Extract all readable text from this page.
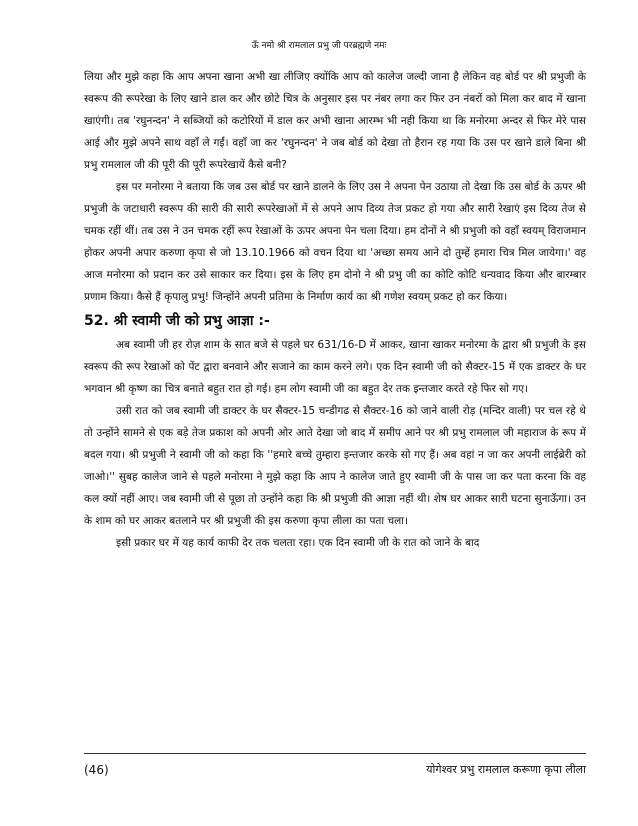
ऊँ नमो श्री रामलाल प्रभु जी परब्रह्मणे नमः

लिया और मुझे कहा कि आप अपना खाना अभी खा लीजिए क्योंकि आप को कालेज जल्दी जाना है लेकिन वह बोर्ड पर श्री प्रभुजी के स्वरूप की रूपरेखा के लिए खाने डाल कर और छोटे चित्र के अनुसार इस पर नंबर लगा कर फिर उन नंबरों को मिला कर बाद में खाना खाएंगी। तब 'रघुनन्दन' ने सब्जियों को कटोरियों में डाल कर अभी खाना आरम्भ भी नही किया था कि मनोरमा अन्दर से फिर मेरे पास आई और मुझे अपने साथ वहाँ ले गईं। वहाँ जा कर 'रघुनन्दन' ने जब बोर्ड को देखा तो हैरान रह गया कि उस पर खाने डाले बिना श्री प्रभु रामलाल जी की पूरी की पूरी रूपरेखायें कैसे बनी?

इस पर मनोरमा ने बताया कि जब उस बोर्ड पर खाने डालने के लिए उस ने अपना पेन उठाया तो देखा कि उस बोर्ड के ऊपर श्री प्रभुजी के जटाधारी स्वरूप की सारी की सारी रूपरेखाओं में से अपने आप दिव्य तेज प्रकट हो गया और सारी रेखाएं इस दिव्य तेज से चमक रहीं थीं। तब उस ने उन चमक रहीं रूप रेखाओं के ऊपर अपना पेन चला दिया। हम दोनों ने श्री प्रभुजी को वहाँ स्वयम् विराजमान होकर अपनी अपार करुणा कृपा से जो 13.10.1966 को वचन दिया था 'अच्छा समय आने दो तुम्हें हमारा चित्र मिल जायेगा।' वह आज मनोरमा को प्रदान कर उसे साकार कर दिया। इस के लिए हम दोनो ने श्री प्रभु जी का कोटि कोटि धन्यवाद किया और बारम्बार प्रणाम किया। कैसे हैं कृपालु प्रभु! जिन्होंने अपनी प्रतिमा के निर्माण कार्य का श्री गणेश स्वयम् प्रकट हो कर किया।

52. श्री स्वामी जी को प्रभु आज्ञा :-

अब स्वामी जी हर रोज़ शाम के सात बजे से पहले घर 631/16-D में आकर, खाना खाकर मनोरमा के द्वारा श्री प्रभुजी के इस स्वरूप की रूप रेखाओं को पेंट द्वारा बनवाने और सजाने का काम करने लगे। एक दिन स्वामी जी को सैक्टर-15 में एक डाक्टर के घर भगवान श्री कृष्ण का चित्र बनाते बहुत रात हो गई। हम लोग स्वामी जी का बहुत देर तक इन्तजार करते रहे फिर सो गए।

उसी रात को जब स्वामी जी डाक्टर के घर सैक्टर-15 चन्डीगढ से सैक्टर-16 को जाने वाली रोड़ (मन्दिर वाली) पर चल रहे थे तो उन्होंने सामने से एक बड़े तेज प्रकाश को अपनी ओर आते देखा जो बाद में समीप आने पर श्री प्रभु रामलाल जी महाराज के रूप में बदल गया। श्री प्रभुजी ने स्वामी जी को कहा कि ''हमारे बच्चे तुम्हारा इन्तजार करके सो गए हैं। अब वहां न जा कर अपनी लाईब्रेरी को जाओ।'' सुबह कालेज जाने से पहले मनोरमा ने मुझे कहा कि आप ने कालेज जाते हुए स्वामी जी के पास जा कर पता करना कि वह कल क्यों नहीं आए। जब स्वामी जी से पूछा तो उन्होंने कहा कि श्री प्रभुजी की आज्ञा नहीं थी। शेष घर आकर सारी घटना सुनाऊँगा। उन के शाम को घर आकर बतलाने पर श्री प्रभुजी की इस करुणा कृपा लीला का पता चला।

इसी प्रकार घर में यह कार्य काफी देर तक चलता रहा। एक दिन स्वामी जी के रात को जाने के बाद

(46)	योगेश्वर प्रभु रामलाल करूणा कृपा लीला
